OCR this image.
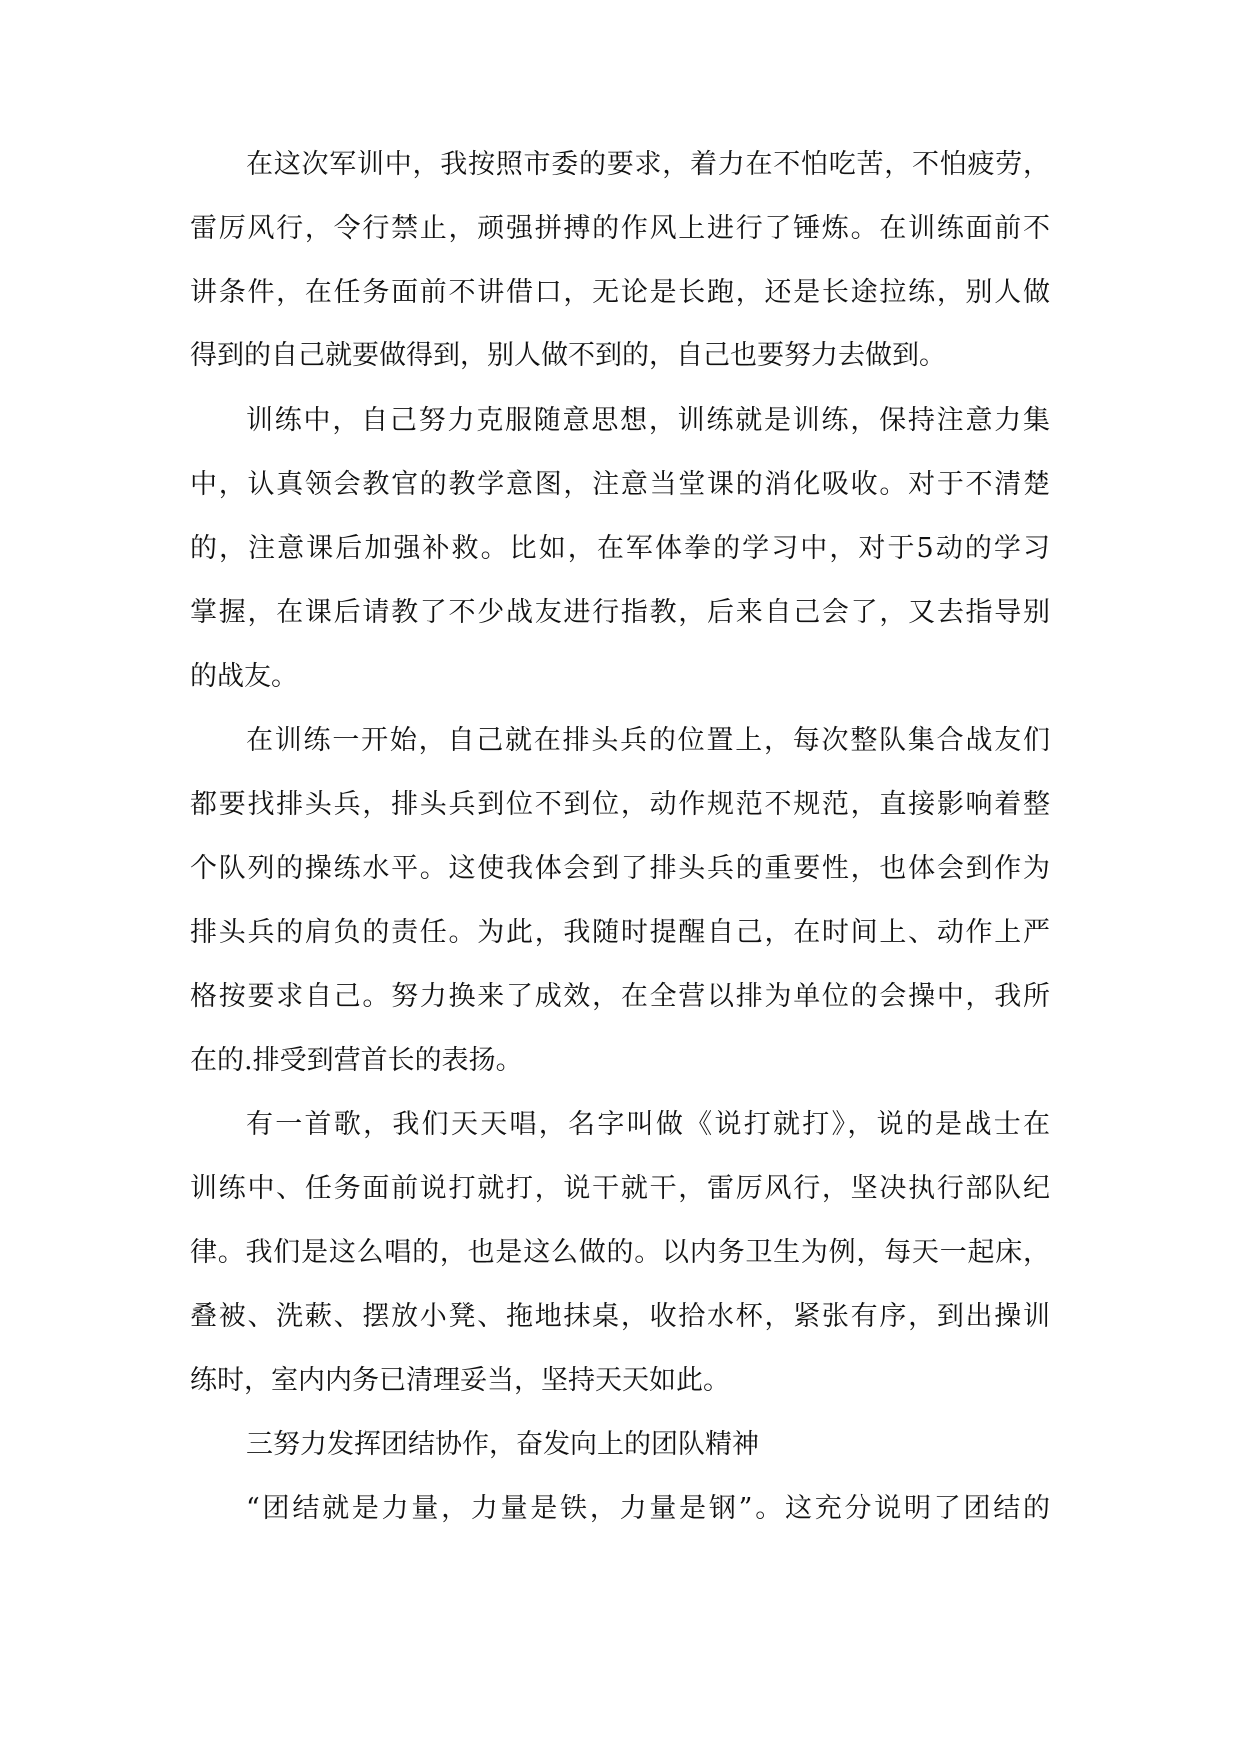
在这次军训中，我按照市委的要求，着力在不怕吃苦，不怕疲劳，
雷厉风行，令行禁止，顽强拼搏的作风上进行了锤炼。在训练面前不
讲条件，在任务面前不讲借口，无论是长跑，还是长途拉练，别人做
得到的自己就要做得到，别人做不到的，自己也要努力去做到。
训练中，自己努力克服随意思想，训练就是训练，保持注意力集
中，认真领会教官的教学意图，注意当堂课的消化吸收。对于不清楚
的，注意课后加强补救。比如，在军体拳的学习中，对于5动的学习
掌握，在课后请教了不少战友进行指教，后来自己会了，又去指导别
的战友。
在训练一开始，自己就在排头兵的位置上，每次整队集合战友们
都要找排头兵，排头兵到位不到位，动作规范不规范，直接影响着整
个队列的操练水平。这使我体会到了排头兵的重要性，也体会到作为
排头兵的肩负的责任。为此，我随时提醒自己，在时间上、动作上严
格按要求自己。努力换来了成效，在全营以排为单位的会操中，我所
在的.排受到营首长的表扬。
有一首歌，我们天天唱，名字叫做《说打就打》，说的是战士在
训练中、任务面前说打就打，说干就干，雷厉风行，坚决执行部队纪
律。我们是这么唱的，也是这么做的。以内务卫生为例，每天一起床，
叠被、洗蔌、摆放小凳、拖地抹桌，收拾水杯，紧张有序，到出操训
练时，室内内务已清理妥当，坚持天天如此。
三努力发挥团结协作，奋发向上的团队精神
“团结就是力量，力量是铁，力量是钢”。这充分说明了团结的
